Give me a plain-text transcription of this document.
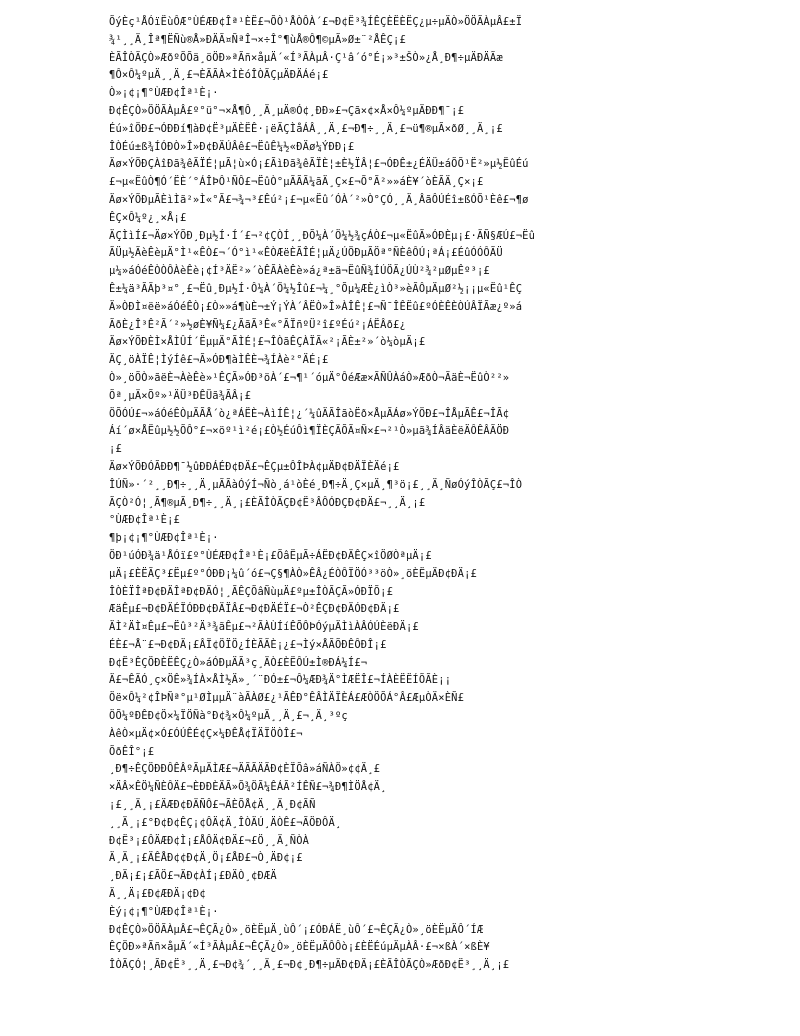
ÕýÈç¹ÅÓïËùÔÆ°ÙÉÆÐ¢Îª¹ÈË£¬ÕÒ¹ÅÒÔÀ´£¬Ð¢Ë³¾ÍÊÇÈËÈËÇ¿µ÷µÄÒ»ÖÖÃÀµÂ£±Ï
¾¹¸¸Ä¸Îª¶ËÑù®Å»ÐÄÃ¤ÑªÎ¬×÷Î°¶ùÅ®Ô¶©µÃ»Ø±¨²ÅÊÇ¡£
ÈÃÎÒÃÇÒ»ÆðºÕÕä¸öÖÐ»ªÃñ×åµÄ´«Í³ÃÀµÂ·Ç¹â´ó°É¡»³±ŠÒ»¿Å¸Ð¶÷µÄÐÄÃæ
¶Ô×Ô¼ºµÄ¸¸Ä¸£¬ÈÃÃÀ×ÌÈóÎÒÃÇµÄÐÄÁé¡£
Ò»¡¢¡¶°ÙÆÐ¢Îª¹È¡·
Ð¢ÊÇÒ»ÖÖÃÀµÂ£º°ü°¬×Å¶Ô¸¸Ä¸µÄ®Ó¢¸ÐÐ»£¬Çã×¢×Å×Ô¼ºµÄÐÐ¶¯¡£
Éú»îÖÐ£¬ÓÐÐí¶àÐ¢Ë³µÄÈËÊ·¡ëÃÇÌåÁÂ¸¸Ä¸£¬Ð¶÷¸¸Ä¸£¬ü¶®µÃ×ðØ¸¸Ä¸¡£
ÎÒÉú±ß¾ÍÓÐÒ»Î»Ð¢ÐÄÚÂê£¬ËûÊ¼½«ÐÄø¼ÝÐÐ¡£
Äø×ÝÕÐÇÀîÐã¾êÃÏÉ¦µÃ¦ù×Ó¡£ÃìÐã¾êÃÏÈ¦±È½ÏÂ¦£¬ÓÐÊ±¿ÉÄÜ±áÕÕ¹Ë²»µ½ËûÉú
£¬µ«ËûÒ¶Ó´ËÈ´°ÁÎÞÔ¹ÑÔ£¬ËûÒ°µÃÃÃ¼ãÄ¸Ç×£¬Õ°Ã²»»áÈ¥´òÈÃÄ¸Ç×¡£
Äø×ÝÕÐµÃÈìÌã²»Ì«°Ã£¬¾¬³£Êú²¡£¬µ«Ëû´ÓÀ´²»Ò°ÇÓ¸¸Ä¸ÂãÔÚÉî±ßÓÕ¹Èê£¬¶ø
ÊÇ×Ô¼º¿¸×Å¡£
ÄÇÌìÍ£¬Äø×ÝÕÐ¸Ðµ½Í·Í´£¬²¢ÇÒÍ¸¸ÐÕ¼À´Ö¼½¾çÁÒ£¬µ«ËûÃ»ÓÐÈµ¡£·ÃÑ§ÆÚ£¬Ëû
ÃÜµ½ÃèÊèµÄ°Ì¹«ÊÒ£¬´Ó°ì¹«ÊÒÆëÈÃÎÉ¦µÄ¿ÚÖÐµÃÖª°ÑÈêÔÚ¡ªÁ¡£ÉûÓÓÔÃÜ
µ¼»áÓéÊÒÒÔÀèÊè¡¢Í³ÄË²»´òÊÃÀèÊè»á¿ª±ä¬ËûÑ¾ÍÚÖÃ¿ÚÙ²¾²µØµÊº³¡£
Ê±¼ä³ÃÃþ³¤°¸£¬Ëû¸Ðµ½Í·Ô¼À´Ö¼½Îû£¬¼¸°Õµ¼ÆÈ¿ìÒ³»èÃÔµÄµØ²½¡¡µ«Ëû¹ÊÇ
Ä»ÒÐÌ¤ëë»áÓéÊÒ¡£Ò»»á¶ùÈ¬±Ý¡ÝÀ´ÂËÒ»Î»ÀÎÊ¦£¬Ñ¯ÎÊËû£ºÓÈÊÈÒÚÂÏÃæ¿º»á
ÃðÈ¿Î³Ê²Ã´²»½øÈ¥Ñ¼£¿ÃãÃ³Ê«°ÃÏñºÜ²î£ºÉú²¡ÁËÂð£¿
Äø×ÝÕÐÈÌ×ÅÌÛÍ´ËµµÄ°ÃÌÉ¦£¬ÎÒãÊÇÀÏÃ«²¡ÃÈ±²»´ò¼òµÄ¡£
ÄÇ¸öÀÏÊ¦ÌýÍê£¬Ã»ÓÐ¶àÌÊÈ¬¾ÍÀè²°ÄÉ¡£
Ò»¸öÕÒ»ãëÈ¬ÀèÊè»¹ÊÇÃ»ÓÐ³öÀ´£¬¶¹´óµÄ°ÔéÆæ×ÃÑÛÀáÒ»ÆðÒ¬ÃäÈ¬ËûÒ²²»
Õª¸µÄ×Õº»¹ÄÜ³ÐÊÜã¾ÃÂ¡£
ÖÕÓÚ£¬»áÓéÊÒµÄÃÅ´ò¿ªÁËÈ¬ÀìÍÊ¦¿´¼ûÄÃÎãòËð×ÅµÃÁø»ÝÖÐ£¬ÎÅµÃÊ£¬ÎÃ¢
Áí´ø×ÅËûµ½½ÕÔ°£¬×öº¹ì²é¡£Ò½ÉúÔì¶ÏÈÇÃÕÃ¤Ñ×£¬²¹Ò»µã¾ÍÂäÈëÄÔÊÂÃÖÐ
¡£
Äø×ÝÕÐÓÃÐÐ¶¯½ûÐÐÁÉÐ¢ÐÄ£¬ÊÇµ±ÔÎÞÀ¢µÄÐ¢ÐÄÏÈÄé¡£
ÎÚÑ»·´²¸¸Ð¶÷¸¸Ä¸µÃÃàÓýÍ¬Ñò¸á¹òÈé¸Ð¶÷Ä¸Ç×µÄ¸¶³ö¡£¸¸Ä¸ÑøÓýÎÒÃÇ£¬ÎÒ
ÃÇÒ²Ó¦¸Ã¶®µÃ¸Ð¶÷¸¸Ä¸¡£ÈÃÎÒÃÇÐ¢Ë³ÂÔÓÐÇÐ¢ÐÄ£¬¸¸Ä¸¡£
°ÙÆÐ¢Îª¹È¡£
¶þ¡¢¡¶°ÙÆÐ¢Îª¹È¡·
ÖÐ¹úÓÐ¾ä¹ÅÓï£º°ÙÉÆÐ¢Îª¹È¡£ÕâËµÃ÷ÁËÐ¢ÐÄÊÇ×îÖØÒªµÄ¡£
µÄ¡£ÈËÃÇ³£Ëµ£º°ÓÐÐ¡¼û´ó£¬Ç§¶ÀÒ»ÊÂ¿ÉÒÔÏÖÓ³³öÒ»¸öÈËµÄÐ¢ÐÄ¡£
ÎÒÈÏÎªÐ¢ÐÄÎªÐ¢ÐÄÓ¦¸ÃÊÇÕâÑùµÄ£ºµ±ÎÒÃÇÃ»ÓÐÏÕ¡£
ÆäÊµ£¬Ð¢ÐÄÉÏÓÐÐ¢ÐÄÏÂ£¬Ð¢ÐÄÉÏ£¬Ò²ÊÇÐ¢ÐÄÓÐ¢ÐÄ¡£
ÄÌ²ÄÌ¤Êµ£¬Ëû³²Ä³¾ãÊµ£¬²ÃÀÙÍíÊÕÔÞÓýµÄÌìÀÂÓÚÈëÐÄ¡£
ÉÈ£¬Å¨£¬Ð¢ÐÄ¡£ÂÏ¢ÖÏÖ¿ÍÈÃÃÈ¡¿£¬Ìý×ÅÃÕÐÊÔÐÎ¡£
Ð¢Ë³ÊÇÖÐÈËÊÇ¿Ò»áÓÐµÄÃ³ç¸ÄÒ£ÈËÔÚ±Ì®ÐÁ¼Í£¬
Ä£¬ÊÃÓ¸ç×ÖÊ»¾ÍÀ×ÅÌ½Ä»¸´¨ÐÓ±£¬Ô¼ÆÐ¾Ä°ÌÆËÎ£¬ÍÀÈËËÍÕÃÈ¡¡
Öë×Ô¼²¢ÎÞÑª°µ¹ØÌµµÄ¨àÃÀØ£¿¹ÃÊÐ°ÊÂÌÄÏÈÁ£ÆÒÖÕÁ°Â£ÆµÒÄ×ÈÑ£
ÖÕ¼ºÐÊÐ¢Ö×¼ÏÖÑà°Ð¢¾×Ô¼ºµÄ¸¸Ä¸£¬¸Ä¸³ºç
ÀêÒ×µÄ¢×Ó£ÓÚÊÉ¢Ç×¼ÐÊÅ¢ÏÄÏÖÒÎ£¬
ÕðÊÎ°¡£
¸Ð¶÷ÊÇÖÐÐÔÊÂºÃµÄÌÆ£¬ÄÃÃÄÃÐ¢ÈÏÕâ»áÑÀÖ»¢¢Ä¸£
×ÄÂ×ÊÖ¼ÑÈÔÄ£¬ÈÐÐÈÄÃ»Õ¾ÖÃ¼ÊÁÃ²ÍÊÑ£¬¾Ð¶ÌÖÅ¢Ä¸
¡£¸¸Ä¸¡£ÄÆÐ¢ÐÄÑÔ£¬ÃÈÕÅ¢Ä¸¸Ä¸Ð¢ÃÑ
¸¸Ä¸¡£°Ð¢Ð¢ÊÇ¡¢ÔÄ¢Ä¸ÎÒÄÚ¸ÄÒÊ£¬ÃÖÐÔÄ¸
Ð¢Ë³¡£ÔÄÆÐ¢Ì¡£ÅÔÄ¢ÐÄ£¬£Ö¸¸Ä¸ÑÒÀ
Ä¸Ä¸¡£ÄÊÅÐ¢¢Ð¢Ä¸Ö¡£ÅÐ£¬Ò¸ÄÐ¢¡£
¸ÐÄ¡£¡£ÃÖ£¬ÄÐ¢ÀÍ¡£ÐÄÒ¸¢ÐÆÄ
Ä¸¸Ä¡£Ð¢ÆÐÄ¡¢Ð¢
Èý¡¢¡¶°ÙÆÐ¢Îª¹È¡·
Ð¢ÊÇÒ»ÖÖÃÀµÂ£¬ÊÇÃ¿Ò»¸öÈËµÄ¸ùÔ´¡£ÓÐÁË¸ùÔ´£¬ÊÇÃ¿Ò»¸öÈËµÄÔ´ÍÆ
ÊÇÖÐ»ªÃñ×åµÄ´«Í³ÃÀµÂ£¬ÊÇÃ¿Ò»¸öÈËµÄÔÔò¡£ÈËÉúµÄµÀÂ·£¬×ßÀ´×ßÈ¥
ÎÒÃÇÓ¦¸ÃÐ¢Ë³¸¸Ä¸£¬Ð¢¾´¸¸Ä¸£¬Ð¢¸Ð¶÷µÄÐ¢ÐÄ¡£ÈÃÎÒÃÇÒ»ÆðÐ¢Ë³¸¸Ä¸¡£
